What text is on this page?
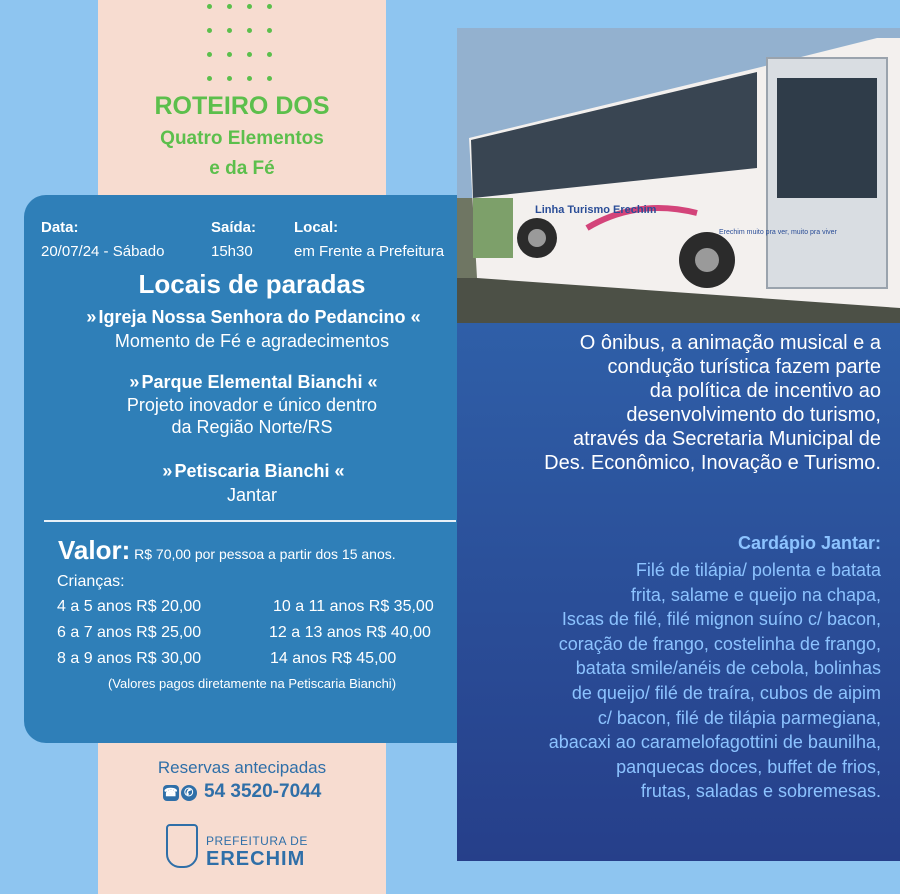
ROTEIRO DOS
Quatro Elementos
e da Fé
Data:
20/07/24 - Sábado
Saída:
15h30
Local:
em Frente a Prefeitura
Locais de paradas
» Igreja Nossa Senhora do Pedancino «
Momento de Fé e agradecimentos
» Parque Elemental Bianchi «
Projeto inovador e único dentro
da Região Norte/RS
» Petiscaria Bianchi «
Jantar
Valor: R$ 70,00 por pessoa a partir dos 15 anos.
Crianças:
4 a 5 anos R$ 20,00	10 a 11 anos R$ 35,00
6 a 7 anos R$ 25,00	12 a 13 anos R$ 40,00
8 a 9 anos R$ 30,00	14 anos R$ 45,00
(Valores pagos diretamente na Petiscaria Bianchi)
Reservas antecipadas
☎ ✆ 54 3520-7044
PREFEITURA DE
ERECHIM
Linha Turismo Erechim
Erechim muito pra ver, muito pra viver
O ônibus, a animação musical e a
condução turística fazem parte
da política de incentivo ao
desenvolvimento do turismo,
através da Secretaria Municipal de
Des. Econômico, Inovação e Turismo.
Cardápio Jantar:
Filé de tilápia/ polenta e batata
frita, salame e queijo na chapa,
Iscas de filé, filé mignon suíno c/ bacon,
coração de frango, costelinha de frango,
batata smile/anéis de cebola, bolinhas
de queijo/ filé de traíra, cubos de aipim
c/ bacon, filé de tilápia parmegiana,
abacaxi ao caramelofagottini de baunilha,
panquecas doces, buffet de frios,
frutas, saladas e sobremesas.
